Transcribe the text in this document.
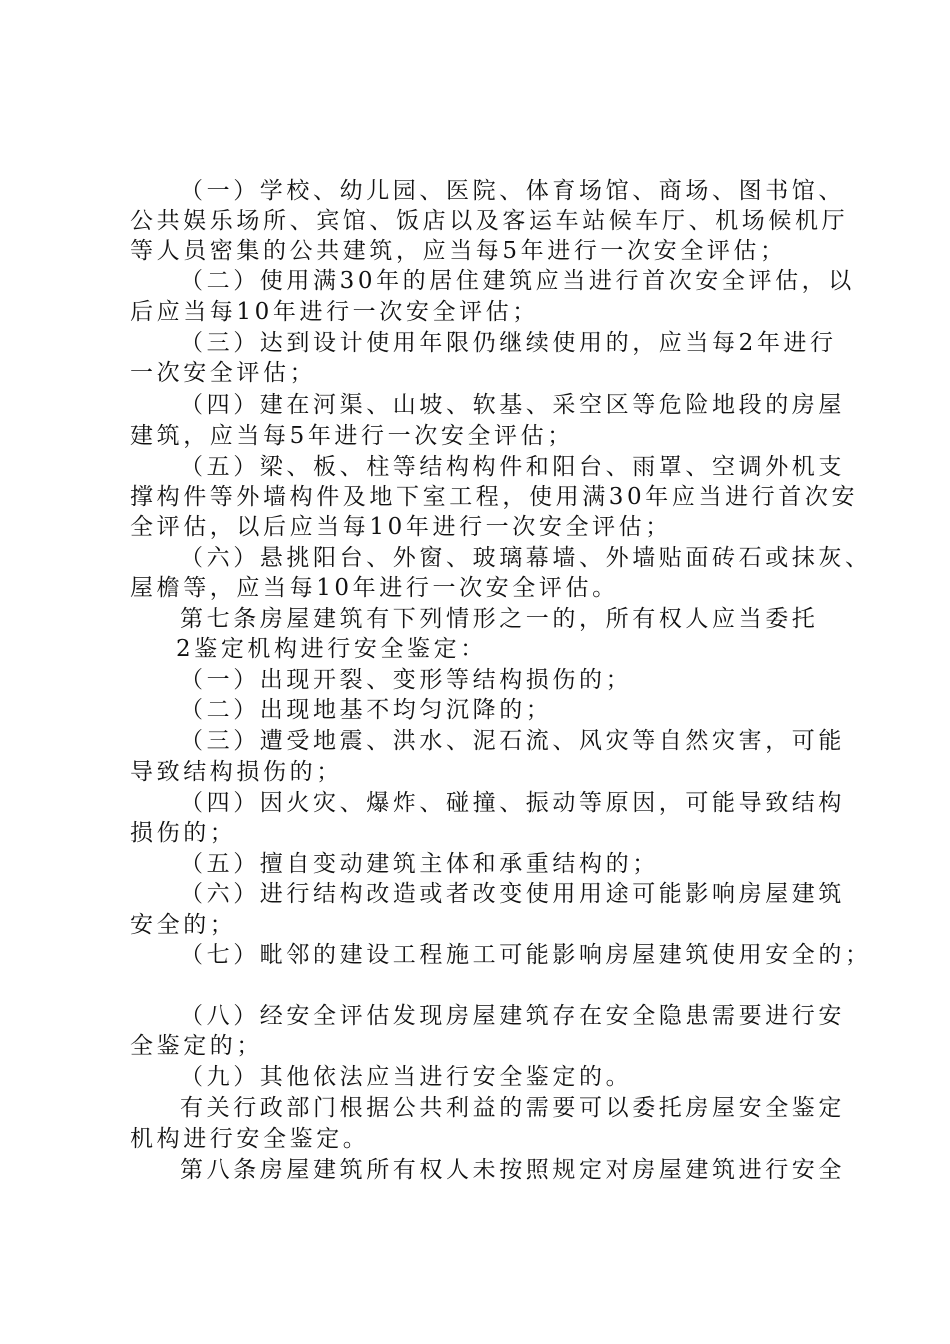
（一）学校、幼儿园、医院、体育场馆、商场、图书馆、
公共娱乐场所、宾馆、饭店以及客运车站候车厅、机场候机厅
等人员密集的公共建筑，应当每5年进行一次安全评估；
（二）使用满30年的居住建筑应当进行首次安全评估，以
后应当每10年进行一次安全评估；
（三）达到设计使用年限仍继续使用的，应当每2年进行
一次安全评估；
（四）建在河渠、山坡、软基、采空区等危险地段的房屋
建筑，应当每5年进行一次安全评估；
（五）梁、板、柱等结构构件和阳台、雨罩、空调外机支
撑构件等外墙构件及地下室工程，使用满30年应当进行首次安
全评估，以后应当每10年进行一次安全评估；
（六）悬挑阳台、外窗、玻璃幕墙、外墙贴面砖石或抹灰、
屋檐等，应当每10年进行一次安全评估。
第七条房屋建筑有下列情形之一的，所有权人应当委托
2鉴定机构进行安全鉴定：
（一）出现开裂、变形等结构损伤的；
（二）出现地基不均匀沉降的；
（三）遭受地震、洪水、泥石流、风灾等自然灾害，可能
导致结构损伤的；
（四）因火灾、爆炸、碰撞、振动等原因，可能导致结构
损伤的；
（五）擅自变动建筑主体和承重结构的；
（六）进行结构改造或者改变使用用途可能影响房屋建筑
安全的；
（七）毗邻的建设工程施工可能影响房屋建筑使用安全的；
（八）经安全评估发现房屋建筑存在安全隐患需要进行安
全鉴定的；
（九）其他依法应当进行安全鉴定的。
有关行政部门根据公共利益的需要可以委托房屋安全鉴定
机构进行安全鉴定。
第八条房屋建筑所有权人未按照规定对房屋建筑进行安全
